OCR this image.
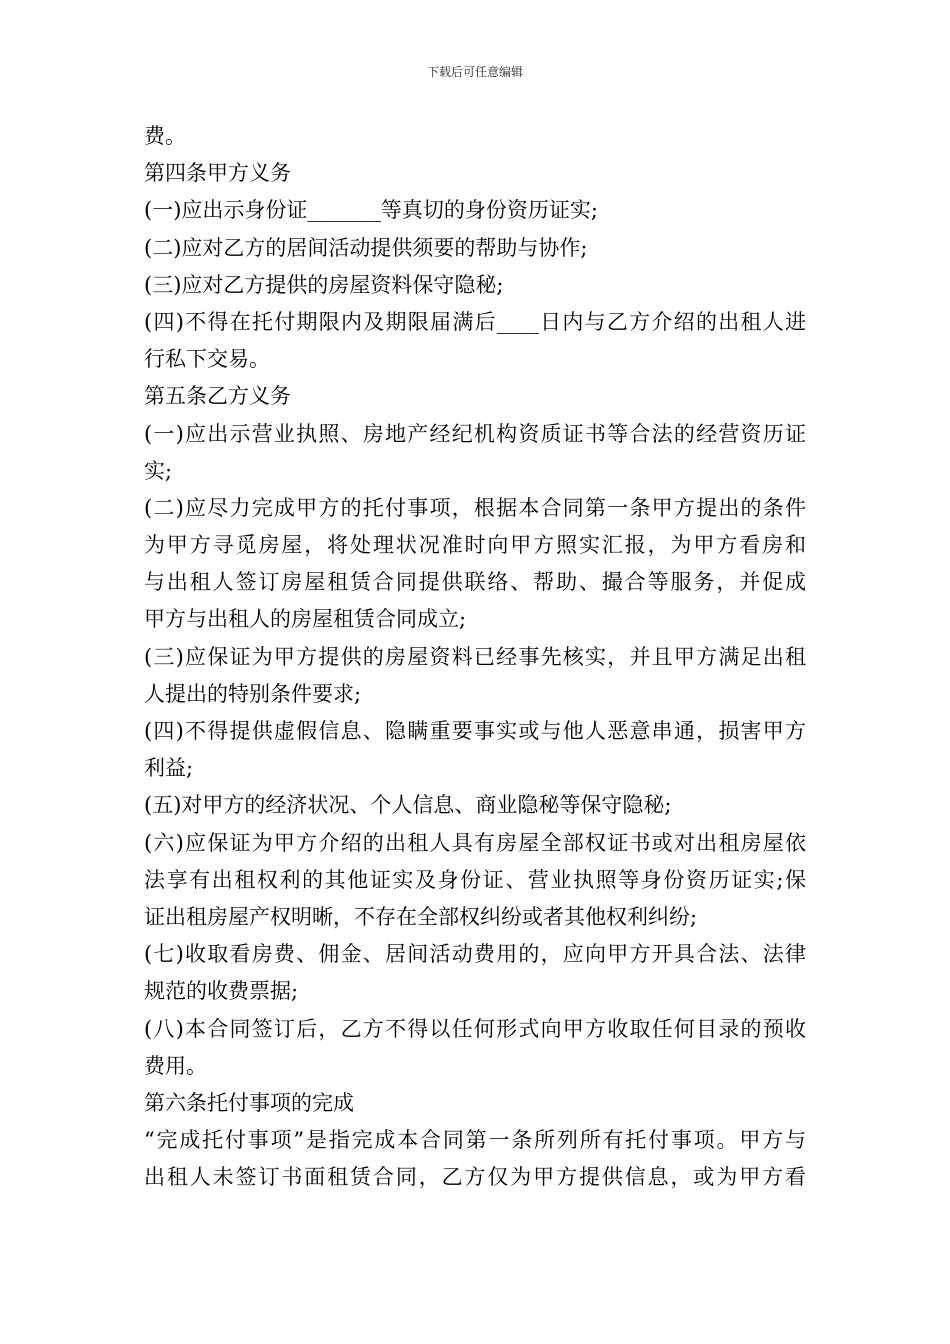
下载后可任意编辑
费。
第四条甲方义务
(一)应出示身份证_______等真切的身份资历证实;
(二)应对乙方的居间活动提供须要的帮助与协作;
(三)应对乙方提供的房屋资料保守隐秘;
(四)不得在托付期限内及期限届满后____日内与乙方介绍的出租人进
行私下交易。
第五条乙方义务
(一)应出示营业执照、房地产经纪机构资质证书等合法的经营资历证
实;
(二)应尽力完成甲方的托付事项，根据本合同第一条甲方提出的条件
为甲方寻觅房屋，将处理状况准时向甲方照实汇报，为甲方看房和
与出租人签订房屋租赁合同提供联络、帮助、撮合等服务，并促成
甲方与出租人的房屋租赁合同成立;
(三)应保证为甲方提供的房屋资料已经事先核实，并且甲方满足出租
人提出的特别条件要求;
(四)不得提供虚假信息、隐瞒重要事实或与他人恶意串通，损害甲方
利益;
(五)对甲方的经济状况、个人信息、商业隐秘等保守隐秘;
(六)应保证为甲方介绍的出租人具有房屋全部权证书或对出租房屋依
法享有出租权利的其他证实及身份证、营业执照等身份资历证实;保
证出租房屋产权明晰，不存在全部权纠纷或者其他权利纠纷;
(七)收取看房费、佣金、居间活动费用的，应向甲方开具合法、法律
规范的收费票据;
(八)本合同签订后，乙方不得以任何形式向甲方收取任何目录的预收
费用。
第六条托付事项的完成
“完成托付事项”是指完成本合同第一条所列所有托付事项。甲方与
出租人未签订书面租赁合同，乙方仅为甲方提供信息，或为甲方看
